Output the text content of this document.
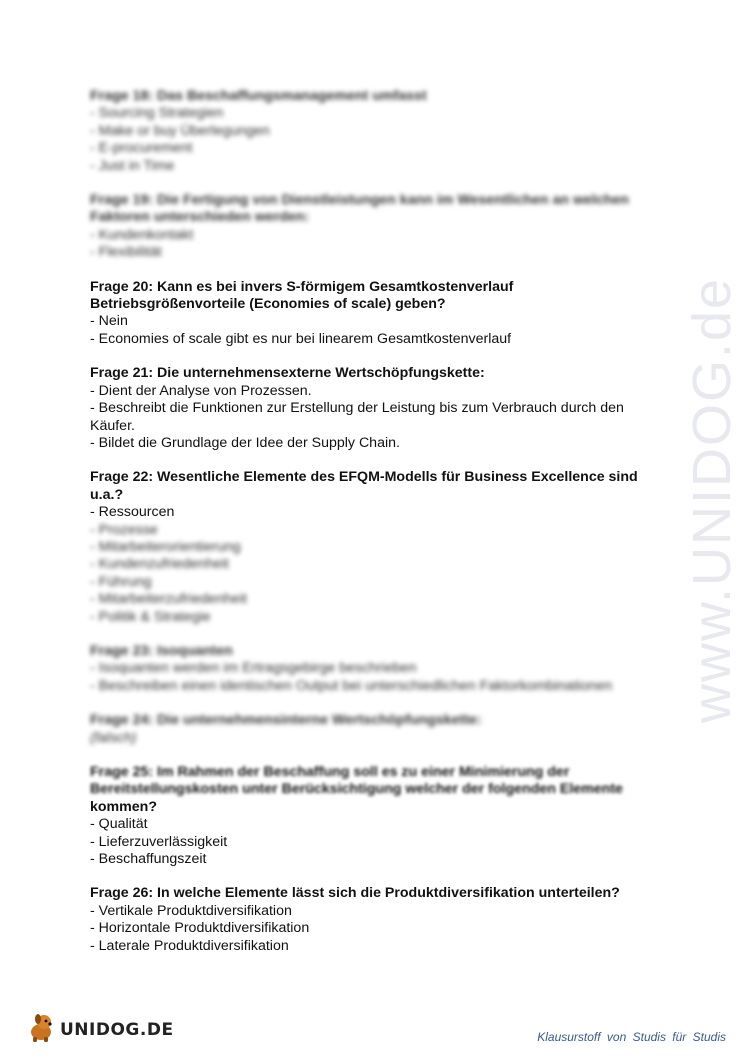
www.UNIDOG.de
Frage 18: Das Beschaffungsmanagement umfasst
- Sourcing Strategien
- Make or buy Überlegungen
- E-procurement
- Just in Time
Frage 19: Die Fertigung von Dienstleistungen kann im Wesentlichen an welchen Faktoren unterschieden werden:
- Kundenkontakt
- Flexibilität
Frage 20: Kann es bei invers S-förmigem Gesamtkostenverlauf Betriebsgrößenvorteile (Economies of scale) geben?
- Nein
- Economies of scale gibt es nur bei linearem Gesamtkostenverlauf
Frage 21: Die unternehmensexterne Wertschöpfungskette:
- Dient der Analyse von Prozessen.
- Beschreibt die Funktionen zur Erstellung der Leistung bis zum Verbrauch durch den Käufer.
- Bildet die Grundlage der Idee der Supply Chain.
Frage 22: Wesentliche Elemente des EFQM-Modells für Business Excellence sind u.a.?
- Ressourcen
- Prozesse
- Mitarbeiterorientierung
- Kundenzufriedenheit
- Führung
- Mitarbeiterzufriedenheit
- Politik & Strategie
Frage 23: Isoquanten
- Isoquanten werden im Ertragsgebirge beschrieben
- Beschreiben einen identischen Output bei unterschiedlichen Faktorkombinationen
Frage 24: Die unternehmensinterne Wertschöpfungskette:
(falsch)
Frage 25: Im Rahmen der Beschaffung soll es zu einer Minimierung der Bereitstellungskosten unter Berücksichtigung welcher der folgenden Elemente
kommen?
- Qualität
- Lieferzuverlässigkeit
- Beschaffungszeit
Frage 26: In welche Elemente lässt sich die Produktdiversifikation unterteilen?
- Vertikale Produktdiversifikation
- Horizontale Produktdiversifikation
- Laterale Produktdiversifikation
UNIDOG.DE	Klausurstoff von Studis für Studis
